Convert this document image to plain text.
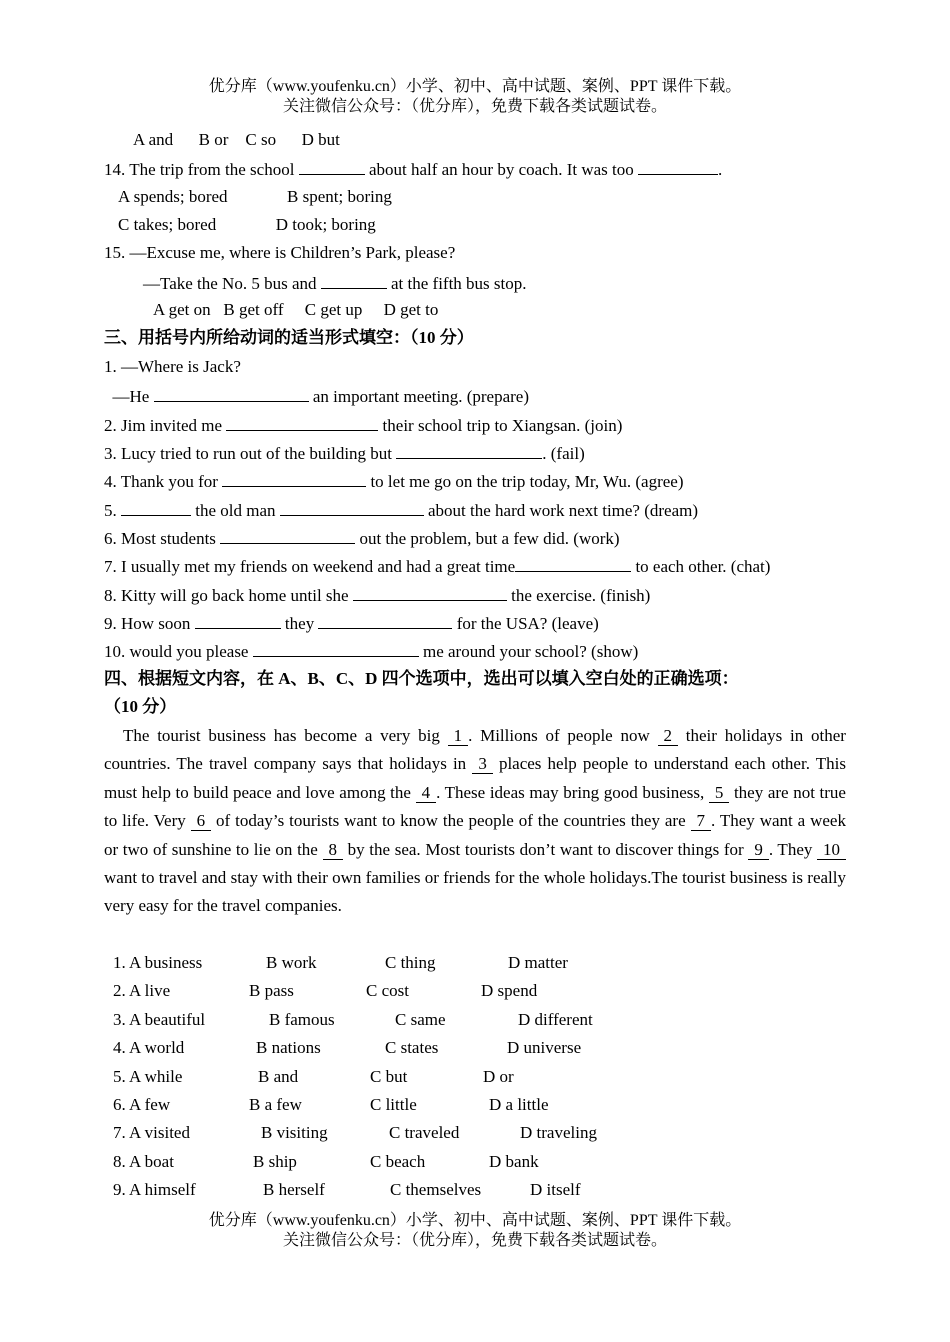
优分库（www.youfenku.cn）小学、初中、高中试题、案例、PPT 课件下载。
关注微信公众号：（优分库），免费下载各类试题试卷。
A and      B or    C so      D but
14. The trip from the school	about half an hour by coach. It was too	.
A spends; bored              B spent; boring
C takes; bored              D took; boring
15. —Excuse me, where is Children’s Park, please?
—Take the No. 5 bus and	at the fifth bus stop.
A get on   B get off     C get up     D get to
三、用括号内所给动词的适当形式填空：（10 分）
1. —Where is Jack?
—He	an important meeting. (prepare)
2. Jim invited me	their school trip to Xiangsan. (join)
3. Lucy tried to run out of the building but	. (fail)
4. Thank you for	to let me go on the trip today, Mr, Wu. (agree)
5.	the old man	about the hard work next time? (dream)
6. Most students	out the problem, but a few did. (work)
7. I usually met my friends on weekend and had a great time	to each other. (chat)
8. Kitty will go back home until she	the exercise. (finish)
9. How soon	they	for the USA? (leave)
10. would you please	me around your school? (show)
四、根据短文内容，在 A、B、C、D 四个选项中，选出可以填入空白处的正确选项：
（10 分）
The tourist business has become a very big 1 . Millions of people now 2 their holidays in other countries. The travel company says that holidays in 3 places help people to understand each other. This must help to build peace and love among the 4 . These ideas may bring good business, 5 they are not true to life. Very 6 of today’s tourists want to know the people of the countries they are 7 . They want a week or two of sunshine to lie on the 8 by the sea. Most tourists don’t want to discover things for 9 . They 10 want to travel and stay with their own families or friends for the whole holidays.The tourist business is really very easy for the travel companies.
1. A business	B work	C thing	D matter
2. A live	B pass	C cost	D spend
3. A beautiful	B famous	C same	D different
4. A world	B nations	C states	D universe
5. A while	B and	C but	D or
6. A few	B a few	C little	D a little
7. A visited	B visiting	C traveled	D traveling
8. A boat	B ship	C beach	D bank
9. A himself	B herself	C themselves	D itself
优分库（www.youfenku.cn）小学、初中、高中试题、案例、PPT 课件下载。
关注微信公众号：（优分库），免费下载各类试题试卷。
